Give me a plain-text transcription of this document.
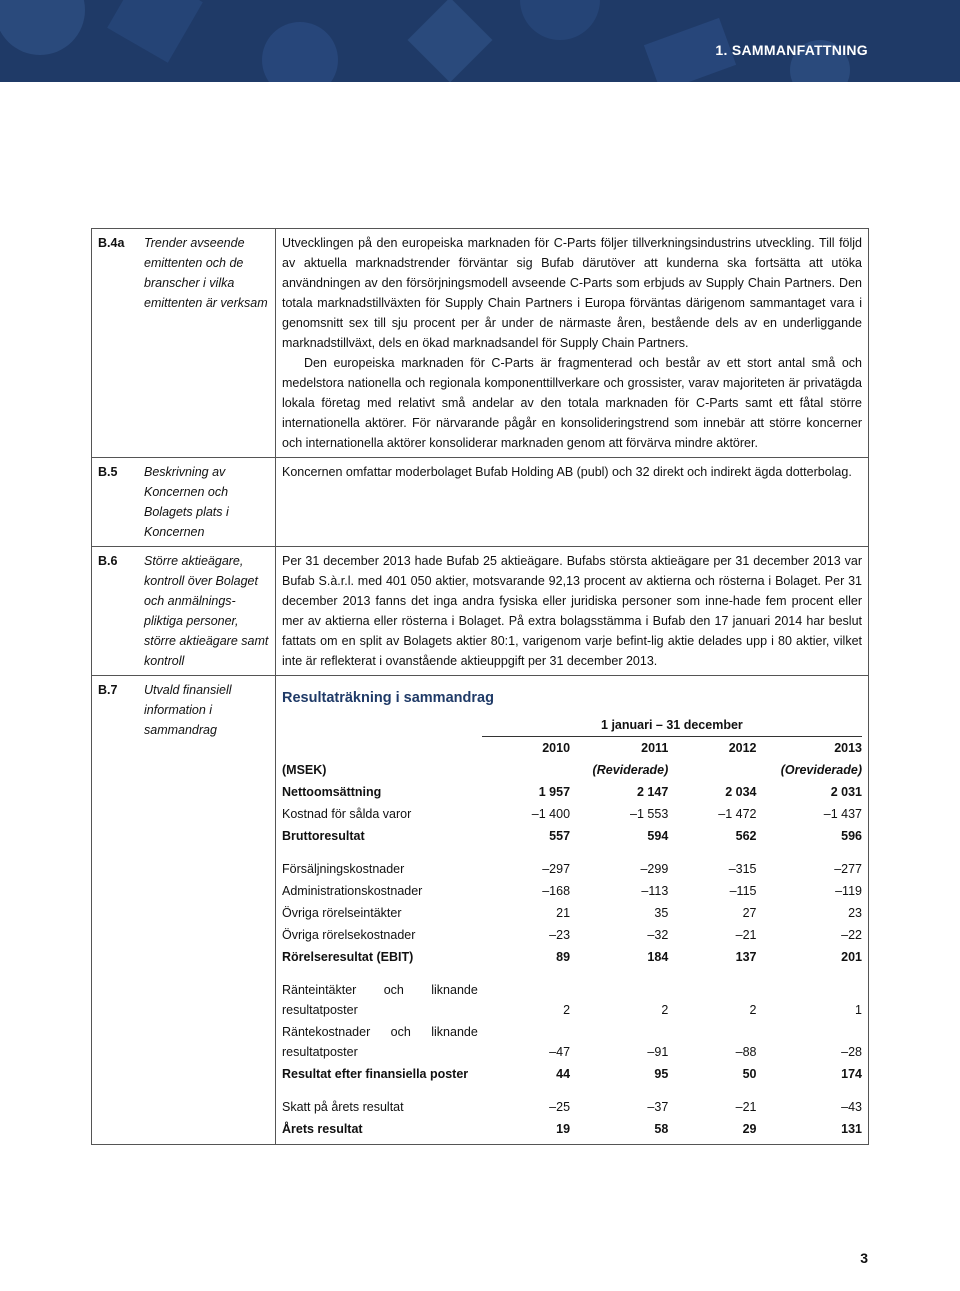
1. SAMMANFATTNING
B.4a	Trender avseende emittenten och de branscher i vilka emittenten är verksam	

Utvecklingen på den europeiska marknaden för C-Parts följer tillverkningsindustrins utveckling. Till följd av aktuella marknadstrender förväntar sig Bufab därutöver att kunderna ska fortsätta att utöka användningen av den försörjningsmodell avseende C-Parts som erbjuds av Supply Chain Partners. Den totala marknadstillväxten för Supply Chain Partners i Europa förväntas därigenom sammantaget vara i genomsnitt sex till sju procent per år under de närmaste åren, bestående dels av en underliggande marknadstillväxt, dels en ökad marknadsandel för Supply Chain Partners.

Den europeiska marknaden för C-Parts är fragmenterad och består av ett stort antal små och medelstora nationella och regionala komponenttillverkare och grossister, varav majoriteten är privatägda lokala företag med relativt små andelar av den totala marknaden för C-Parts samt ett fåtal större internationella aktörer. För närvarande pågår en konsolideringstrend som innebär att större koncerner och internationella aktörer konsoliderar marknaden genom att förvärva mindre aktörer.

B.5	Beskrivning av Koncernen och Bolagets plats i Koncernen	

Koncernen omfattar moderbolaget Bufab Holding AB (publ) och 32 direkt och indirekt ägda dotterbolag.

B.6	Större aktieägare, kontroll över Bolaget och anmälnings-pliktiga personer, större aktieägare samt kontroll	

Per 31 december 2013 hade Bufab 25 aktieägare. Bufabs största aktieägare per 31 december 2013 var Bufab S.à.r.l. med 401 050 aktier, motsvarande 92,13 procent av aktierna och rösterna i Bolaget. Per 31 december 2013 fanns det inga andra fysiska eller juridiska personer som inne-hade fem procent eller mer av aktierna eller rösterna i Bolaget. På extra bolagsstämma i Bufab den 17 januari 2014 har beslut fattats om en split av Bolagets aktier 80:1, varigenom varje befint-lig aktie delades upp i 80 aktier, vilket inte är reflekterat i ovanstående aktieuppgift per 31 december 2013.

B.7	Utvald finansiell information i sammandrag	
Resultaträkning i sammandrag
	1 januari – 31 december
	2010	2011	2012	2013
(MSEK)		(Reviderade)		(Oreviderade)
Nettoomsättning	1 957	2 147	2 034	2 031
Kostnad för sålda varor	–1 400	–1 553	–1 472	–1 437
Bruttoresultat	557	594	562	596

Försäljningskostnader	–297	–299	–315	–277
Administrationskostnader	–168	–113	–115	–119
Övriga rörelseintäkter	21	35	27	23
Övriga rörelsekostnader	–23	–32	–21	–22
Rörelseresultat (EBIT)	89	184	137	201

Ränteintäkter och liknande resultatposter	2	2	2	1
Räntekostnader och liknande resultatposter	–47	–91	–88	–28
Resultat efter finansiella poster	44	95	50	174

Skatt på årets resultat	–25	–37	–21	–43
Årets resultat	19	58	29	131
3
